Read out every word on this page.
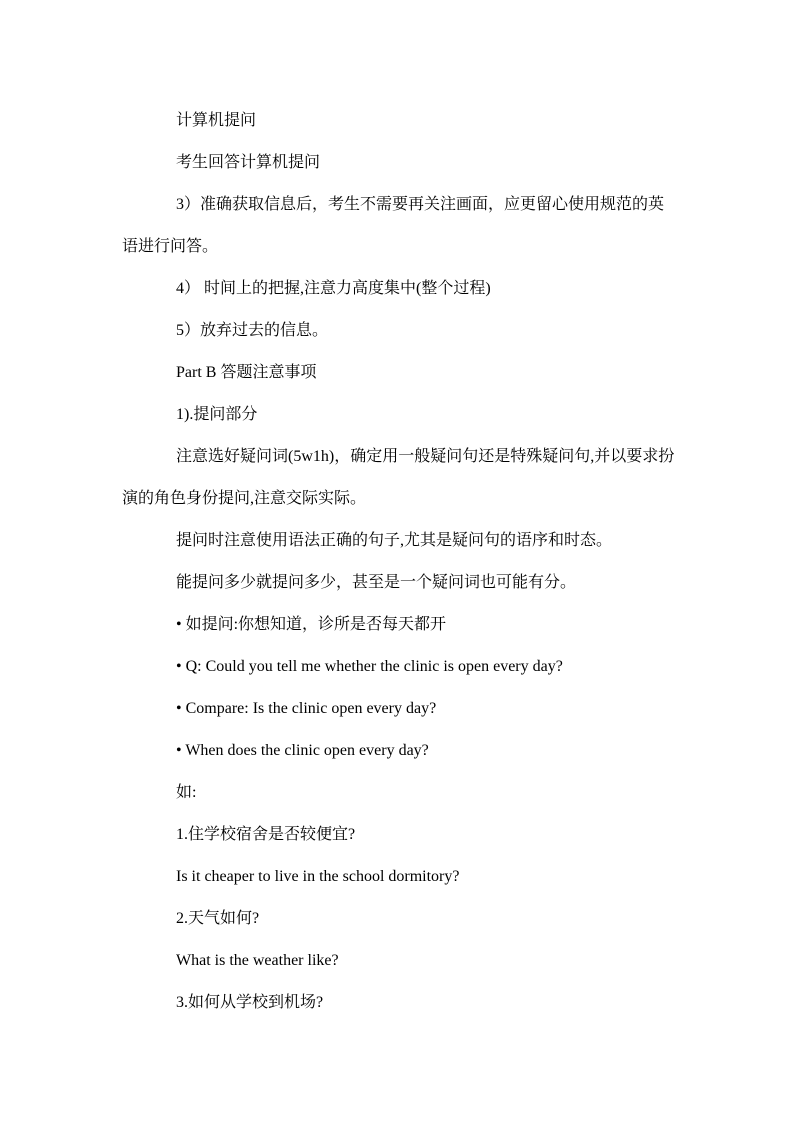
计算机提问

考生回答计算机提问

3）准确获取信息后，考生不需要再关注画面，应更留心使用规范的英语进行问答。

4） 时间上的把握,注意力高度集中(整个过程)

5）放弃过去的信息。

Part B 答题注意事项

1).提问部分

注意选好疑问词(5w1h)，确定用一般疑问句还是特殊疑问句,并以要求扮演的角色身份提问,注意交际实际。

提问时注意使用语法正确的句子,尤其是疑问句的语序和时态。

能提问多少就提问多少，甚至是一个疑问词也可能有分。

• 如提问:你想知道，诊所是否每天都开

• Q: Could you tell me whether the clinic is open every day?

• Compare: Is the clinic open every day?

• When does the clinic open every day?

如:

1.住学校宿舍是否较便宜?

Is it cheaper to live in the school dormitory?

2.天气如何?

What is the weather like?

3.如何从学校到机场?
